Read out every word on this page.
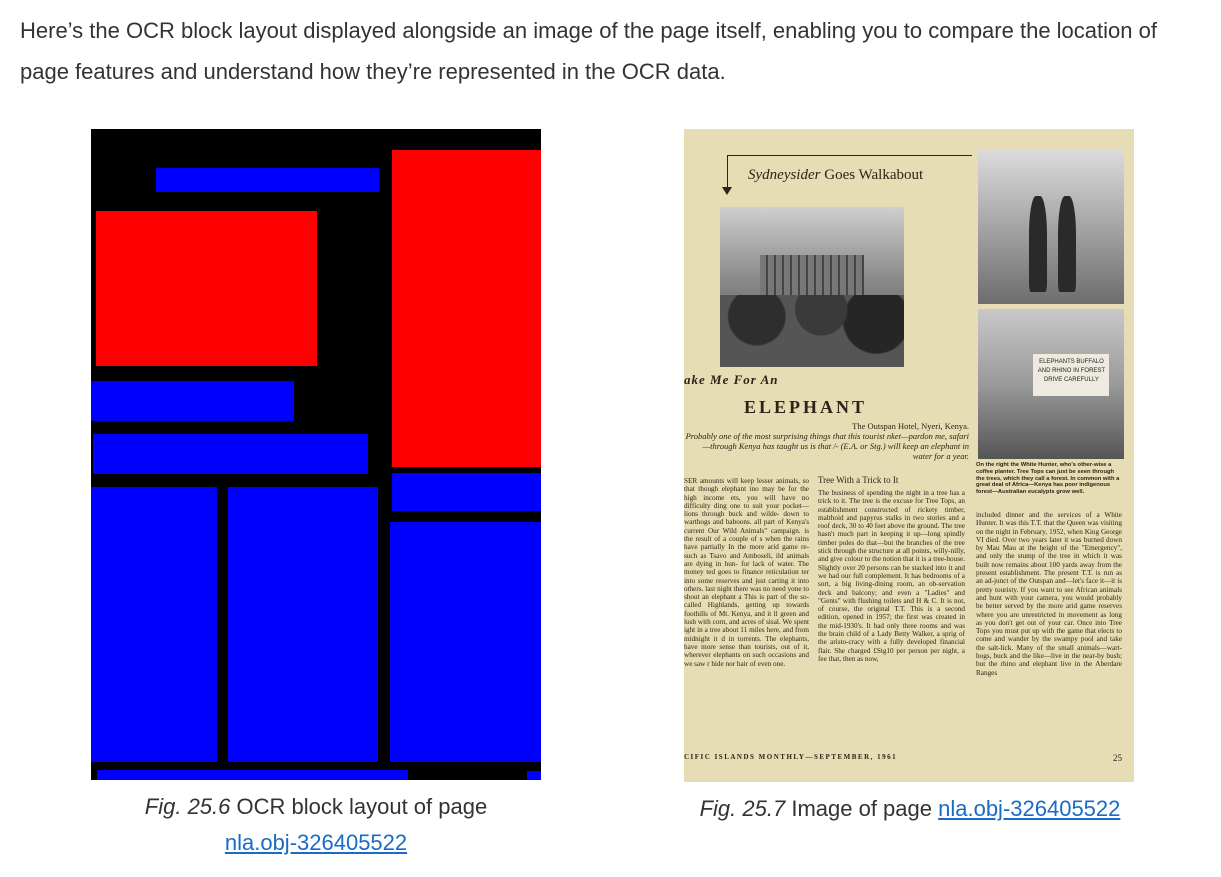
Here’s the OCR block layout displayed alongside an image of the page itself, enabling you to compare the location of page features and understand how they’re represented in the OCR data.

Fig. 25.6 OCR block layout of page
nla.obj-326405522
Sydneysider Goes Walkabout
ELEPHANTS BUFFALO AND RHINO IN FOREST DRIVE CAREFULLY
ake Me For An
ELEPHANT
The Outspan Hotel, Nyeri, Kenya.
Probably one of the most surprising things that this tourist nket—pardon me, safari—through Kenya has taught us is that /- (E.A. or Stg.) will keep an elephant in water for a year.
On the right the White Hunter, who's other-wise a coffee planter. Tree Tops can just be seen through the trees, which they call a forest. In common with a great deal of Africa—Kenya has poor indigenous forest—Australian eucalypts grow well.
SER amounts will keep lesser animals, so that though elephant ino may be for the high income ets, you will have no difficulty ding one to suit your pocket—lions through buck and wilde- down to warthogs and baboons. all part of Kenya's current Our Wild Animals" campaign. is the result of a couple of s when the rains have partially In the more arid game re- such as Tsavo and Amboseli, ild animals are dying in hun- for lack of water. The money ted goes to finance reticulation ter into some reserves and just carting it into others. last night there was no need yone to shout an elephant a This is part of the so-called Highlands, getting up towards foothills of Mt. Kenya, and it ll green and lush with corn, and acres of sisal. We spent ight in a tree about 11 miles here, and from midnight it d in torrents. The elephants, have more sense than tourists, out of it, wherever elephants on such occasions and we saw r hide nor hair of even one.
Tree With a Trick to It
The business of spending the night in a tree has a trick to it. The tree is the excuse for Tree Tops, an establishment constructed of rickety timber, malthoid and papyrus stalks in two stories and a roof deck, 30 to 40 feet above the ground. The tree hasn't much part in keeping it up—long spindly timber poles do that—but the branches of the tree stick through the structure at all points, willy-nilly, and give colour to the notion that it is a tree-house. Slightly over 20 persons can be stacked into it and we had our full complement. It has bedrooms of a sort, a big living-dining room, an ob-servation deck and balcony; and even a "Ladies" and "Gents" with flushing toilets and H & C. It is not, of course, the original T.T. This is a second edition, opened in 1957; the first was created in the mid-1930's. It had only three rooms and was the brain child of a Lady Betty Walker, a sprig of the aristo-cracy with a fully developed financial flair. She charged £Stg10 per person per night, a fee that, then as now,
included dinner and the services of a White Hunter. It was this T.T. that the Queen was visiting on the night in February, 1952, when King George VI died. Over two years later it was burned down by Mau Mau at the height of the "Emergency", and only the stump of the tree in which it was built now remains about 100 yards away from the present establishment. The present T.T. is run as an ad-junct of the Outspan and—let's face it—it is pretty touristy. If you want to see African animals and hunt with your camera, you would probably be better served by the more arid game reserves where you are unrestricted in movement as long as you don't get out of your car. Once into Tree Tops you must put up with the game that elects to come and wander by the swampy pool and take the salt-lick. Many of the small animals—wart-hogs, buck and the like—live in the near-by bush; but the rhino and elephant live in the Aberdare Ranges
CIFIC ISLANDS MONTHLY—SEPTEMBER, 1961	25
Fig. 25.7 Image of page nla.obj-326405522
